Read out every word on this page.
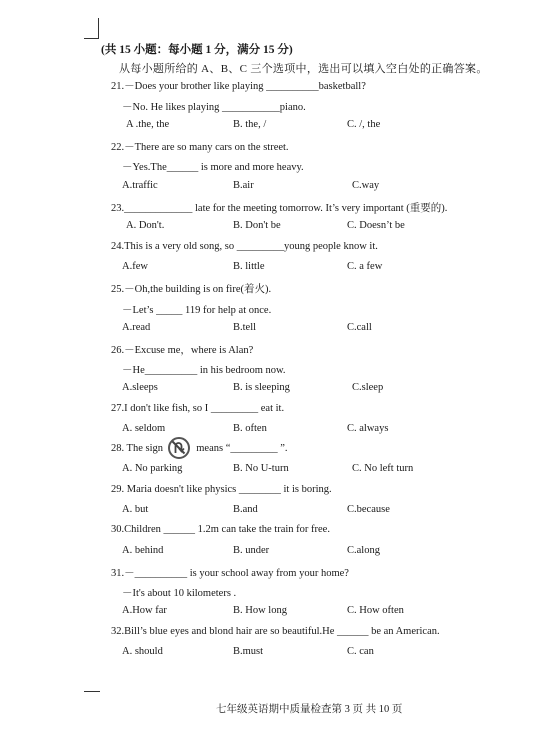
(共 15 小题：每小题 1 分，满分 15 分)
从每小题所给的 A、B、C 三个选项中，选出可以填入空白处的正确答案。
21.－Does your brother like playing __________basketball?
－No. He likes playing ___________piano.
A .the, the	B. the, /	C. /, the
22.－There are so many cars on the street.
－Yes.The______ is more and more heavy.
A.traffic	B.air	C.way
23._____________ late for the meeting tomorrow. It’s very important (重要的).
A. Don't.	B. Don't be	C. Doesn’t be
24.This is a very old song, so _________young people know it.
A.few	B. little	C. a few
25.－Oh,the building is on fire(着火).
－Let’s _____ 119 for help at once.
A.read	B.tell	C.call
26.－Excuse me，where is Alan?
－He__________ in his bedroom now.
A.sleeps	B. is sleeping	C.sleep
27.I don't like fish, so I _________ eat it.
A. seldom	B. often	C. always
28. The sign	means “_________ ”.
A. No parking	B. No U-turn	C. No left turn
29. Maria doesn't like physics ________ it is boring.
A. but	B.and	C.because
30.Children ______ 1.2m can take the train for free.
A. behind	B. under	C.along
31.－__________ is your school away from your home?
－It's about 10 kilometers .
A.How far	B. How long	C. How often
32.Bill’s blue eyes and blond hair are so beautiful.He ______ be an American.
A. should	B.must	C. can
七年级英语期中质量检查第 3 页 共 10 页
